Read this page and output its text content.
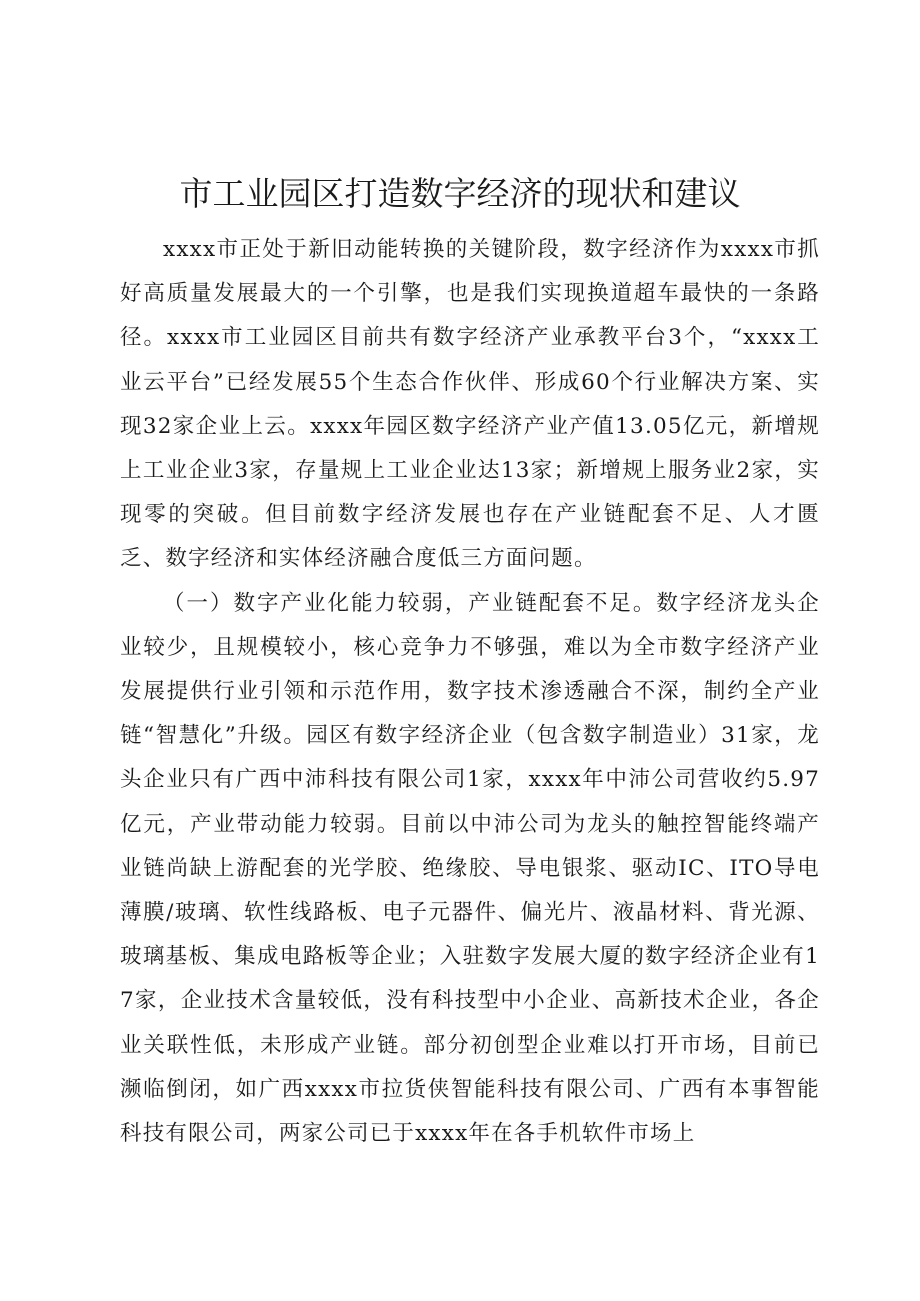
市工业园区打造数字经济的现状和建议

xxxx市正处于新旧动能转换的关键阶段，数字经济作为xxxx市抓好高质量发展最大的一个引擎，也是我们实现换道超车最快的一条路径。xxxx市工业园区目前共有数字经济产业承教平台3个，“xxxx工业云平台”已经发展55个生态合作伙伴、形成60个行业解决方案、实现32家企业上云。xxxx年园区数字经济产业产值13.05亿元，新增规上工业企业3家，存量规上工业企业达13家；新增规上服务业2家，实现零的突破。但目前数字经济发展也存在产业链配套不足、人才匮乏、数字经济和实体经济融合度低三方面问题。

（一）数字产业化能力较弱，产业链配套不足。数字经济龙头企业较少，且规模较小，核心竞争力不够强，难以为全市数字经济产业发展提供行业引领和示范作用，数字技术渗透融合不深，制约全产业链“智慧化”升级。园区有数字经济企业（包含数字制造业）31家，龙头企业只有广西中沛科技有限公司1家，xxxx年中沛公司营收约5.97亿元，产业带动能力较弱。目前以中沛公司为龙头的触控智能终端产业链尚缺上游配套的光学胶、绝缘胶、导电银浆、驱动IC、ITO导电薄膜/玻璃、软性线路板、电子元器件、偏光片、液晶材料、背光源、玻璃基板、集成电路板等企业；入驻数字发展大厦的数字经济企业有17家，企业技术含量较低，没有科技型中小企业、高新技术企业，各企业关联性低，未形成产业链。部分初创型企业难以打开市场，目前已濒临倒闭，如广西xxxx市拉货侠智能科技有限公司、广西有本事智能科技有限公司，两家公司已于xxxx年在各手机软件市场上
